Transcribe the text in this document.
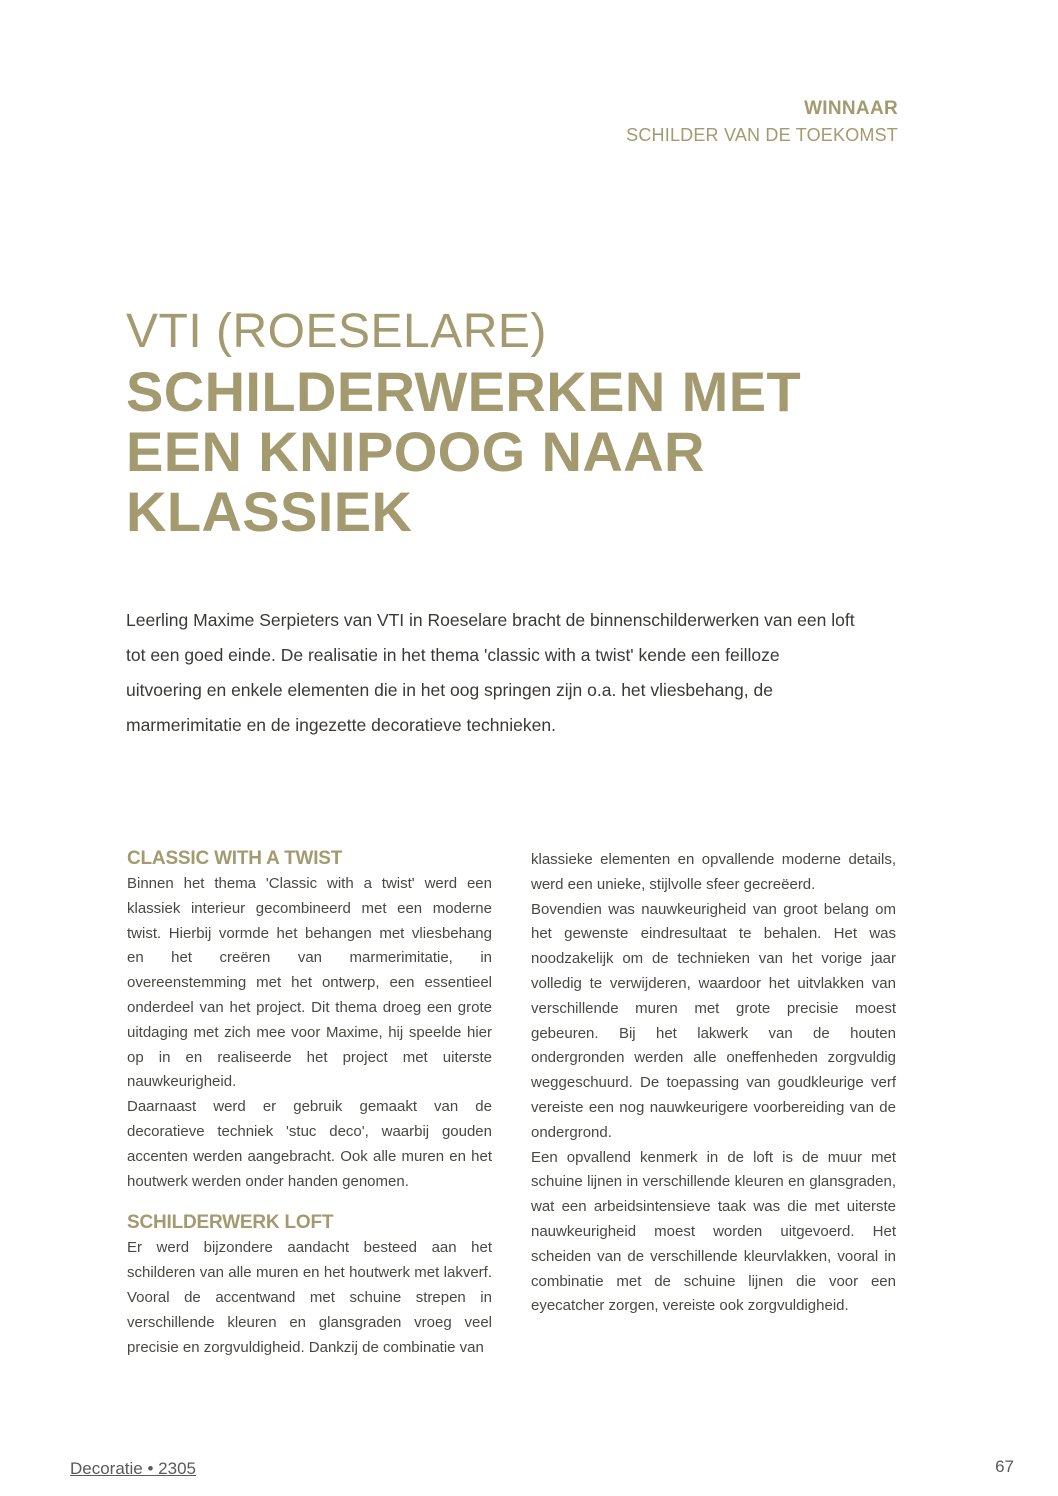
WINNAAR
SCHILDER VAN DE TOEKOMST
VTI (ROESELARE)
SCHILDERWERKEN MET
EEN KNIPOOG NAAR
KLASSIEK

Leerling Maxime Serpieters van VTI in Roeselare bracht de binnenschilderwerken van een loft tot een goed einde. De realisatie in het thema 'classic with a twist' kende een feilloze uitvoering en enkele elementen die in het oog springen zijn o.a. het vliesbehang, de marmerimitatie en de ingezette decoratieve technieken.

CLASSIC WITH A TWIST

Binnen het thema 'Classic with a twist' werd een klassiek interieur gecombineerd met een moderne twist. Hierbij vormde het behangen met vliesbehang en het creëren van marmerimitatie, in overeenstemming met het ontwerp, een essentieel onderdeel van het project. Dit thema droeg een grote uitdaging met zich mee voor Maxime, hij speelde hier op in en realiseerde het project met uiterste nauwkeurigheid.

Daarnaast werd er gebruik gemaakt van de decoratieve techniek 'stuc deco', waarbij gouden accenten werden aangebracht. Ook alle muren en het houtwerk werden onder handen genomen.

SCHILDERWERK LOFT

Er werd bijzondere aandacht besteed aan het schilderen van alle muren en het houtwerk met lakverf. Vooral de accentwand met schuine strepen in verschillende kleuren en glansgraden vroeg veel precisie en zorgvuldigheid. Dankzij de combinatie van

klassieke elementen en opvallende moderne details, werd een unieke, stijlvolle sfeer gecreëerd.

Bovendien was nauwkeurigheid van groot belang om het gewenste eindresultaat te behalen. Het was noodzakelijk om de technieken van het vorige jaar volledig te verwijderen, waardoor het uitvlakken van verschillende muren met grote precisie moest gebeuren. Bij het lakwerk van de houten ondergronden werden alle oneffenheden zorgvuldig weggeschuurd. De toepassing van goudkleurige verf vereiste een nog nauwkeurigere voorbereiding van de ondergrond.

Een opvallend kenmerk in de loft is de muur met schuine lijnen in verschillende kleuren en glansgraden, wat een arbeidsintensieve taak was die met uiterste nauwkeurigheid moest worden uitgevoerd. Het scheiden van de verschillende kleurvlakken, vooral in combinatie met de schuine lijnen die voor een eyecatcher zorgen, vereiste ook zorgvuldigheid.

Decoratie • 2305	67
